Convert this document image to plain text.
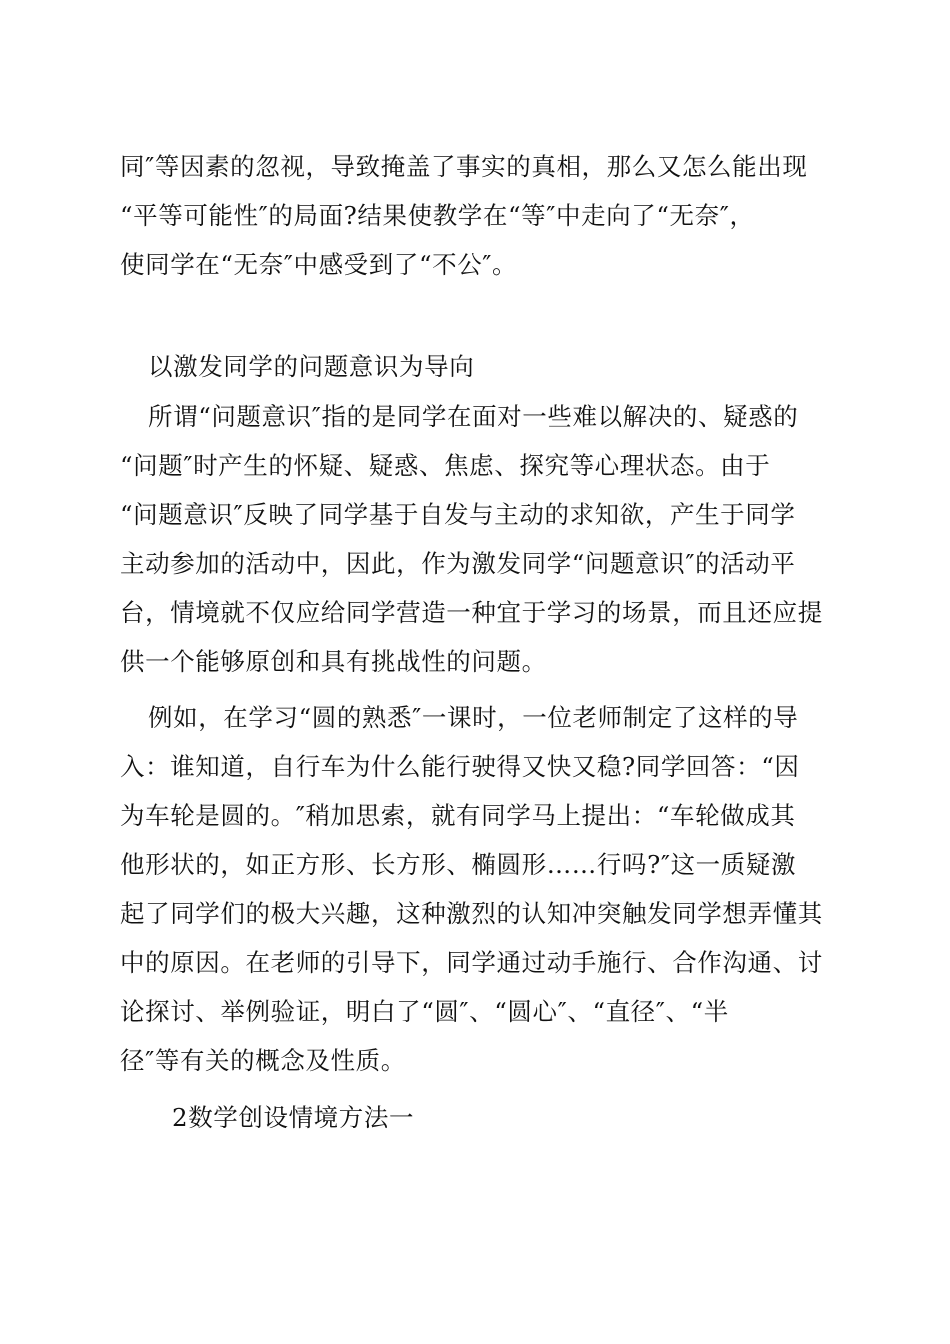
同″等因素的忽视，导致掩盖了事实的真相，那么又怎么能出现
“平等可能性″的局面?结果使教学在“等″中走向了“无奈″，
使同学在“无奈″中感受到了“不公″。
以激发同学的问题意识为导向
所谓“问题意识″指的是同学在面对一些难以解决的、疑惑的
“问题″时产生的怀疑、疑惑、焦虑、探究等心理状态。由于
“问题意识″反映了同学基于自发与主动的求知欲，产生于同学
主动参加的活动中，因此，作为激发同学“问题意识″的活动平
台，情境就不仅应给同学营造一种宜于学习的场景，而且还应提
供一个能够原创和具有挑战性的问题。
例如，在学习“圆的熟悉″一课时，一位老师制定了这样的导
入：谁知道，自行车为什么能行驶得又快又稳?同学回答：“因
为车轮是圆的。″稍加思索，就有同学马上提出：“车轮做成其
他形状的，如正方形、长方形、椭圆形……行吗?″这一质疑激
起了同学们的极大兴趣，这种激烈的认知冲突触发同学想弄懂其
中的原因。在老师的引导下，同学通过动手施行、合作沟通、讨
论探讨、举例验证，明白了“圆″、“圆心″、“直径″、“半
径″等有关的概念及性质。
2数学创设情境方法一
